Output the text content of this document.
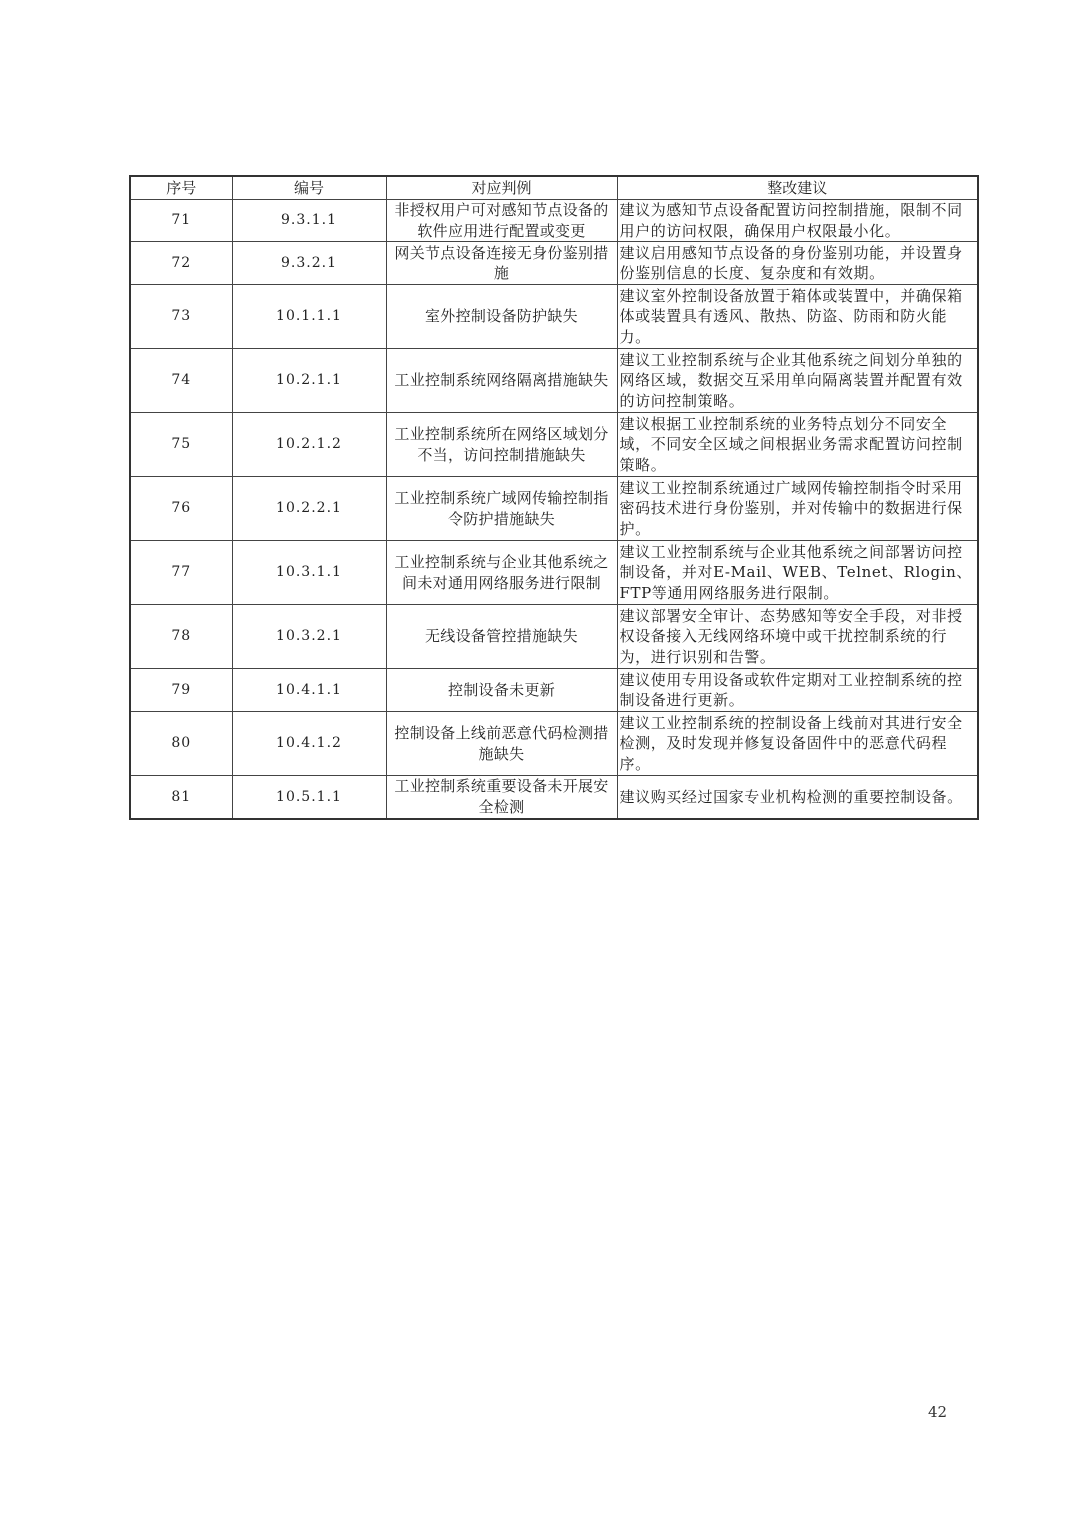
序号	编号	对应判例	整改建议
71	9.3.1.1	非授权用户可对感知节点设备的软件应用进行配置或变更	建议为感知节点设备配置访问控制措施，限制不同用户的访问权限，确保用户权限最小化。
72	9.3.2.1	网关节点设备连接无身份鉴别措施	建议启用感知节点设备的身份鉴别功能，并设置身份鉴别信息的长度、复杂度和有效期。
73	10.1.1.1	室外控制设备防护缺失	建议室外控制设备放置于箱体或装置中，并确保箱体或装置具有透风、散热、防盗、防雨和防火能力。
74	10.2.1.1	工业控制系统网络隔离措施缺失	建议工业控制系统与企业其他系统之间划分单独的网络区域，数据交互采用单向隔离装置并配置有效的访问控制策略。
75	10.2.1.2	工业控制系统所在网络区域划分不当，访问控制措施缺失	建议根据工业控制系统的业务特点划分不同安全域，不同安全区域之间根据业务需求配置访问控制策略。
76	10.2.2.1	工业控制系统广域网传输控制指令防护措施缺失	建议工业控制系统通过广域网传输控制指令时采用密码技术进行身份鉴别，并对传输中的数据进行保护。
77	10.3.1.1	工业控制系统与企业其他系统之间未对通用网络服务进行限制	建议工业控制系统与企业其他系统之间部署访问控制设备，并对E-Mail、WEB、Telnet、Rlogin、FTP等通用网络服务进行限制。
78	10.3.2.1	无线设备管控措施缺失	建议部署安全审计、态势感知等安全手段，对非授权设备接入无线网络环境中或干扰控制系统的行为，进行识别和告警。
79	10.4.1.1	控制设备未更新	建议使用专用设备或软件定期对工业控制系统的控制设备进行更新。
80	10.4.1.2	控制设备上线前恶意代码检测措施缺失	建议工业控制系统的控制设备上线前对其进行安全检测，及时发现并修复设备固件中的恶意代码程序。
81	10.5.1.1	工业控制系统重要设备未开展安全检测	建议购买经过国家专业机构检测的重要控制设备。
42
